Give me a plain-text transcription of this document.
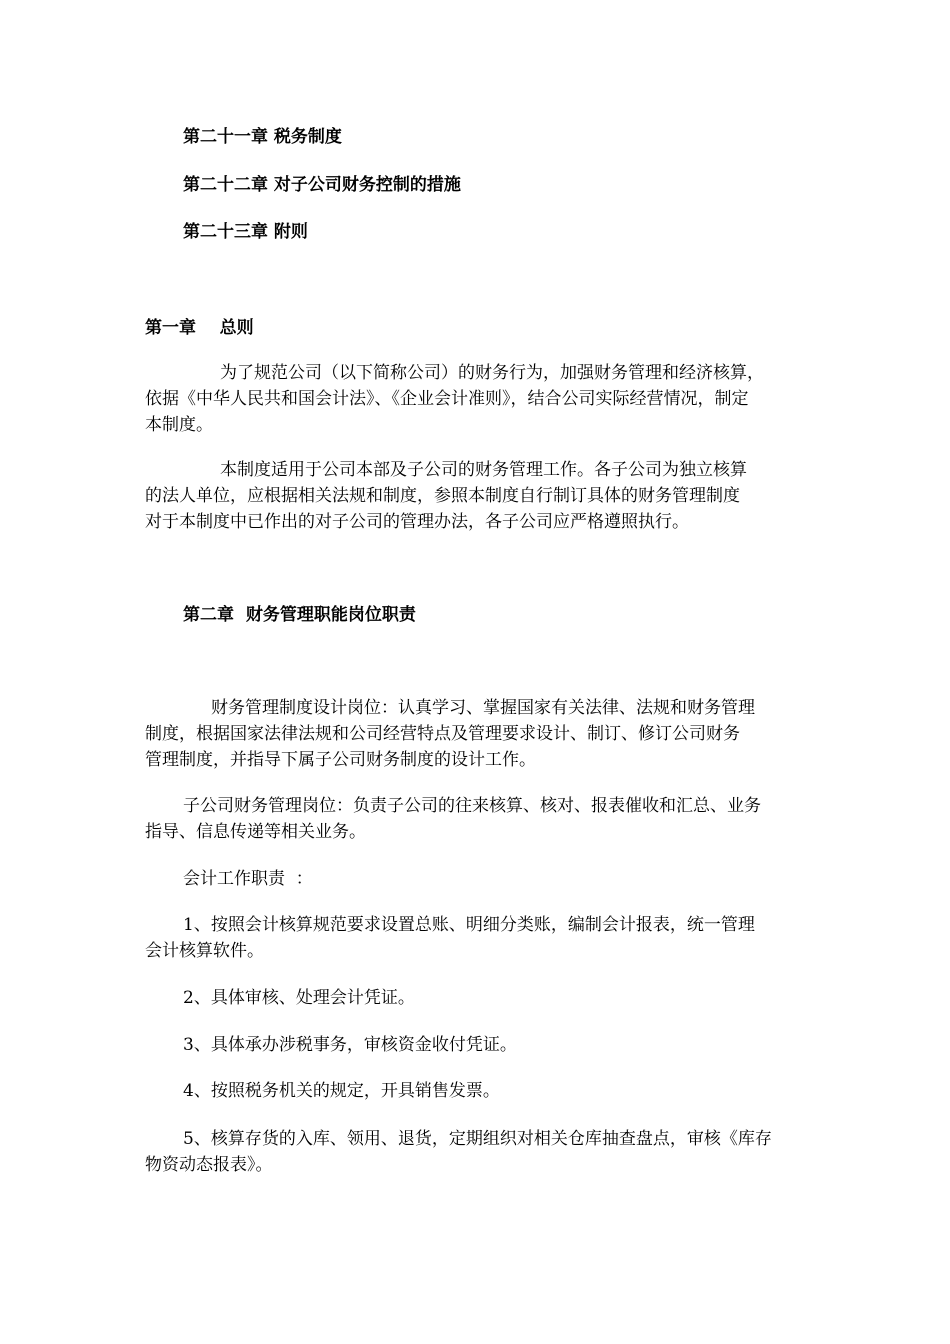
第二十一章 税务制度
第二十二章 对子公司财务控制的措施
第二十三章 附则
第一章    总则
为了规范公司（以下简称公司）的财务行为，加强财务管理和经济核算，
依据《中华人民共和国会计法》、《企业会计准则》，结合公司实际经营情况，制定
本制度。
本制度适用于公司本部及子公司的财务管理工作。各子公司为独立核算
的法人单位，应根据相关法规和制度，参照本制度自行制订具体的财务管理制度
对于本制度中已作出的对子公司的管理办法，各子公司应严格遵照执行。
第二章  财务管理职能岗位职责
财务管理制度设计岗位：认真学习、掌握国家有关法律、法规和财务管理
制度，根据国家法律法规和公司经营特点及管理要求设计、制订、修订公司财务
管理制度，并指导下属子公司财务制度的设计工作。
子公司财务管理岗位：负责子公司的往来核算、核对、报表催收和汇总、业务
指导、信息传递等相关业务。
会计工作职责  ：
1、按照会计核算规范要求设置总账、明细分类账，编制会计报表，统一管理
会计核算软件。
2、具体审核、处理会计凭证。
3、具体承办涉税事务，审核资金收付凭证。
4、按照税务机关的规定，开具销售发票。
5、核算存货的入库、领用、退货，定期组织对相关仓库抽查盘点，审核《库存
物资动态报表》。
